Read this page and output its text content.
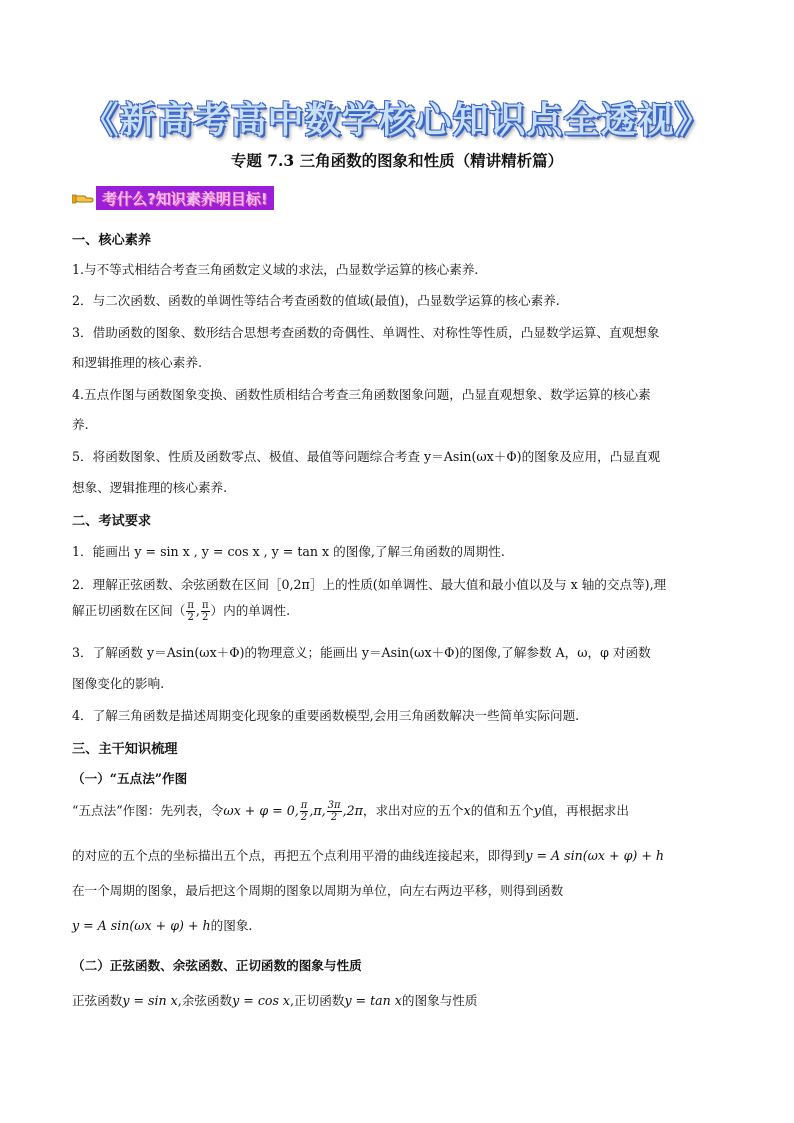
《新高考高中数学核心知识点全透视》
专题 7.3 三角函数的图象和性质（精讲精析篇）
考什么?知识素养明目标!
一、核心素养
1.与不等式相结合考查三角函数定义域的求法，凸显数学运算的核心素养.
2．与二次函数、函数的单调性等结合考查函数的值域(最值)，凸显数学运算的核心素养.
3．借助函数的图象、数形结合思想考查函数的奇偶性、单调性、对称性等性质，凸显数学运算、直观想象
和逻辑推理的核心素养.
4.五点作图与函数图象变换、函数性质相结合考查三角函数图象问题，凸显直观想象、数学运算的核心素
养.
5．将函数图象、性质及函数零点、极值、最值等问题综合考查 y＝Asin(ωx＋Φ)的图象及应用，凸显直观
想象、逻辑推理的核心素养.
二、考试要求
1．能画出 y = sin x , y = cos x , y = tan x 的图像,了解三角函数的周期性.
2．理解正弦函数、余弦函数在区间［0,2π］上的性质(如单调性、最大值和最小值以及与 x 轴的交点等),理
解正切函数在区间（ $\frac{\pi}{2}$ , $\frac{\pi}{2}$ ）内的单调性.
3．了解函数 y＝Asin(ωx＋Φ)的物理意义；能画出 y＝Asin(ωx＋Φ)的图像,了解参数 A，ω，φ 对函数
图像变化的影响.
4．了解三角函数是描述周期变化现象的重要函数模型,会用三角函数解决一些简单实际问题.
三、主干知识梳理
（一）“五点法”作图
“五点法”作图：先列表，令ωx + φ = 0, $\frac{\pi}{2} ,\pi$, $\frac{3\pi}{2} ,2\pi$，求出对应的五个x的值和五个y值，再根据求出
的对应的五个点的坐标描出五个点，再把五个点利用平滑的曲线连接起来，即得到y = A sin(ωx + φ) + h
在一个周期的图象，最后把这个周期的图象以周期为单位，向左右两边平移，则得到函数
y = A sin(ωx + φ) + h的图象.
（二）正弦函数、余弦函数、正切函数的图象与性质
正弦函数y = sin x,余弦函数y = cos x,正切函数y = tan x的图象与性质
